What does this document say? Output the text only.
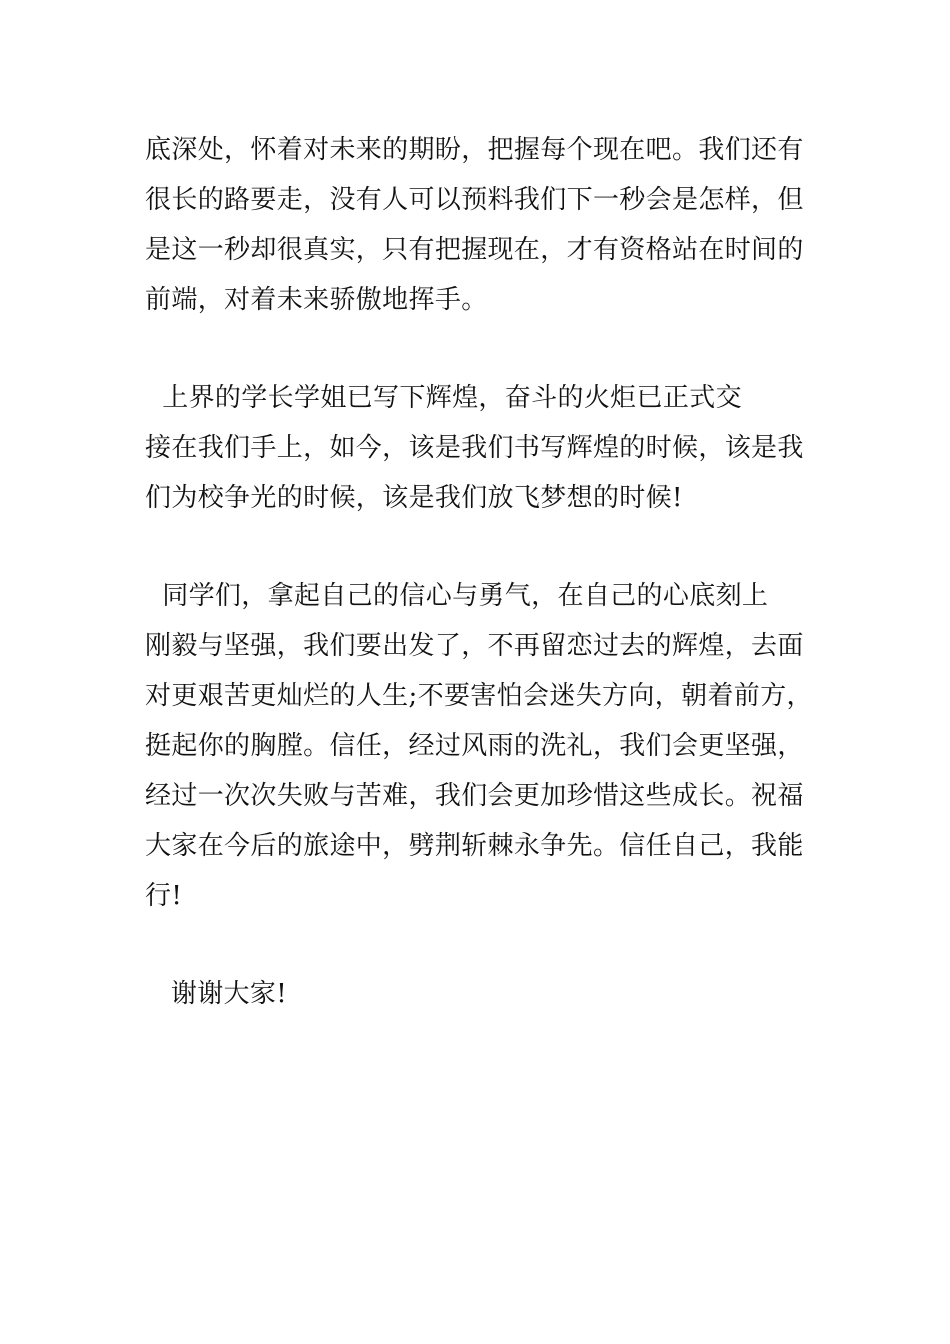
底深处，怀着对未来的期盼，把握每个现在吧。我们还有

很长的路要走，没有人可以预料我们下一秒会是怎样，但

是这一秒却很真实，只有把握现在，才有资格站在时间的

前端，对着未来骄傲地挥手。

上界的学长学姐已写下辉煌，奋斗的火炬已正式交

接在我们手上，如今，该是我们书写辉煌的时候，该是我

们为校争光的时候，该是我们放飞梦想的时候!

同学们，拿起自己的信心与勇气，在自己的心底刻上

刚毅与坚强，我们要出发了，不再留恋过去的辉煌，去面

对更艰苦更灿烂的人生;不要害怕会迷失方向，朝着前方，

挺起你的胸膛。信任，经过风雨的洗礼，我们会更坚强，

经过一次次失败与苦难，我们会更加珍惜这些成长。祝福

大家在今后的旅途中，劈荆斩棘永争先。信任自己，我能

行!

谢谢大家!
